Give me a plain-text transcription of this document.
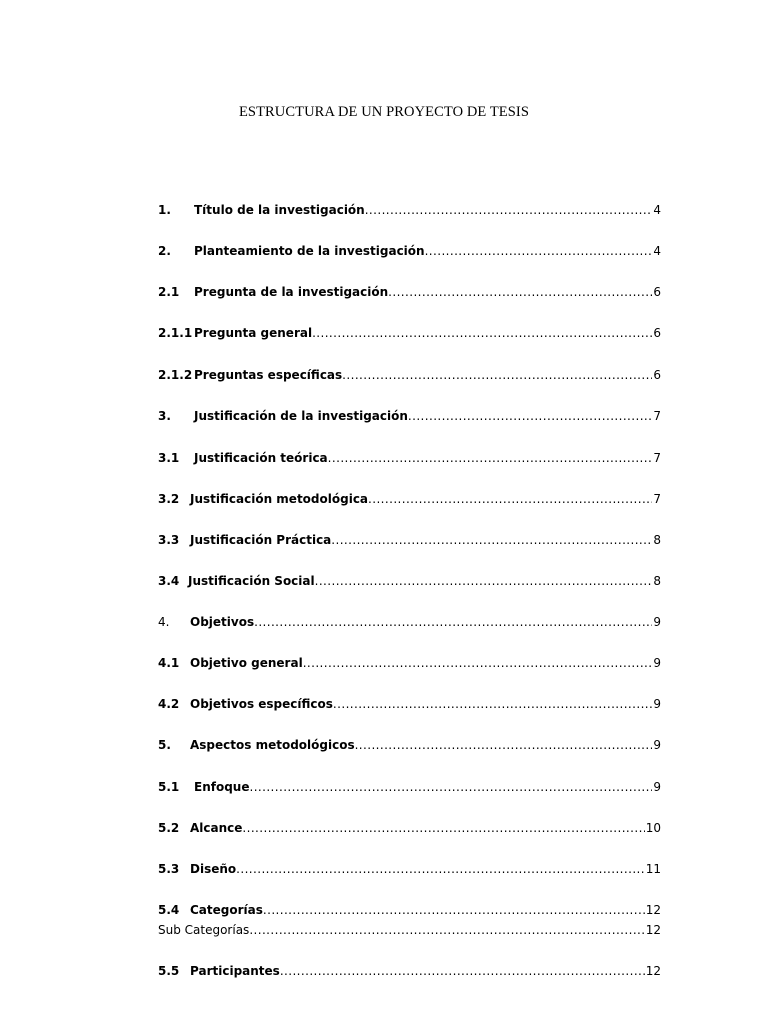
ESTRUCTURA DE UN PROYECTO DE TESIS
1.	Título de la investigación .....	4
2.	Planteamiento de la investigación .....	4
2.1	Pregunta de la investigación .....	6
2.1.1 Pregunta general .....	6
2.1.2 Preguntas específicas .....	6
3.	Justificación de la investigación .....	7
3.1	Justificación teórica .....	7
3.2 Justificación metodológica .....	7
3.3 Justificación Práctica .....	8
3.4 Justificación Social .....	8
4.	Objetivos .....	9
4.1 Objetivo general .....	9
4.2 Objetivos específicos .....	9
5.	Aspectos metodológicos .....	9
5.1	Enfoque .....	9
5.2 Alcance .....	10
5.3 Diseño .....	11
5.4 Categorías .....	12
Sub Categorías .....	12
5.5 Participantes .....	12
